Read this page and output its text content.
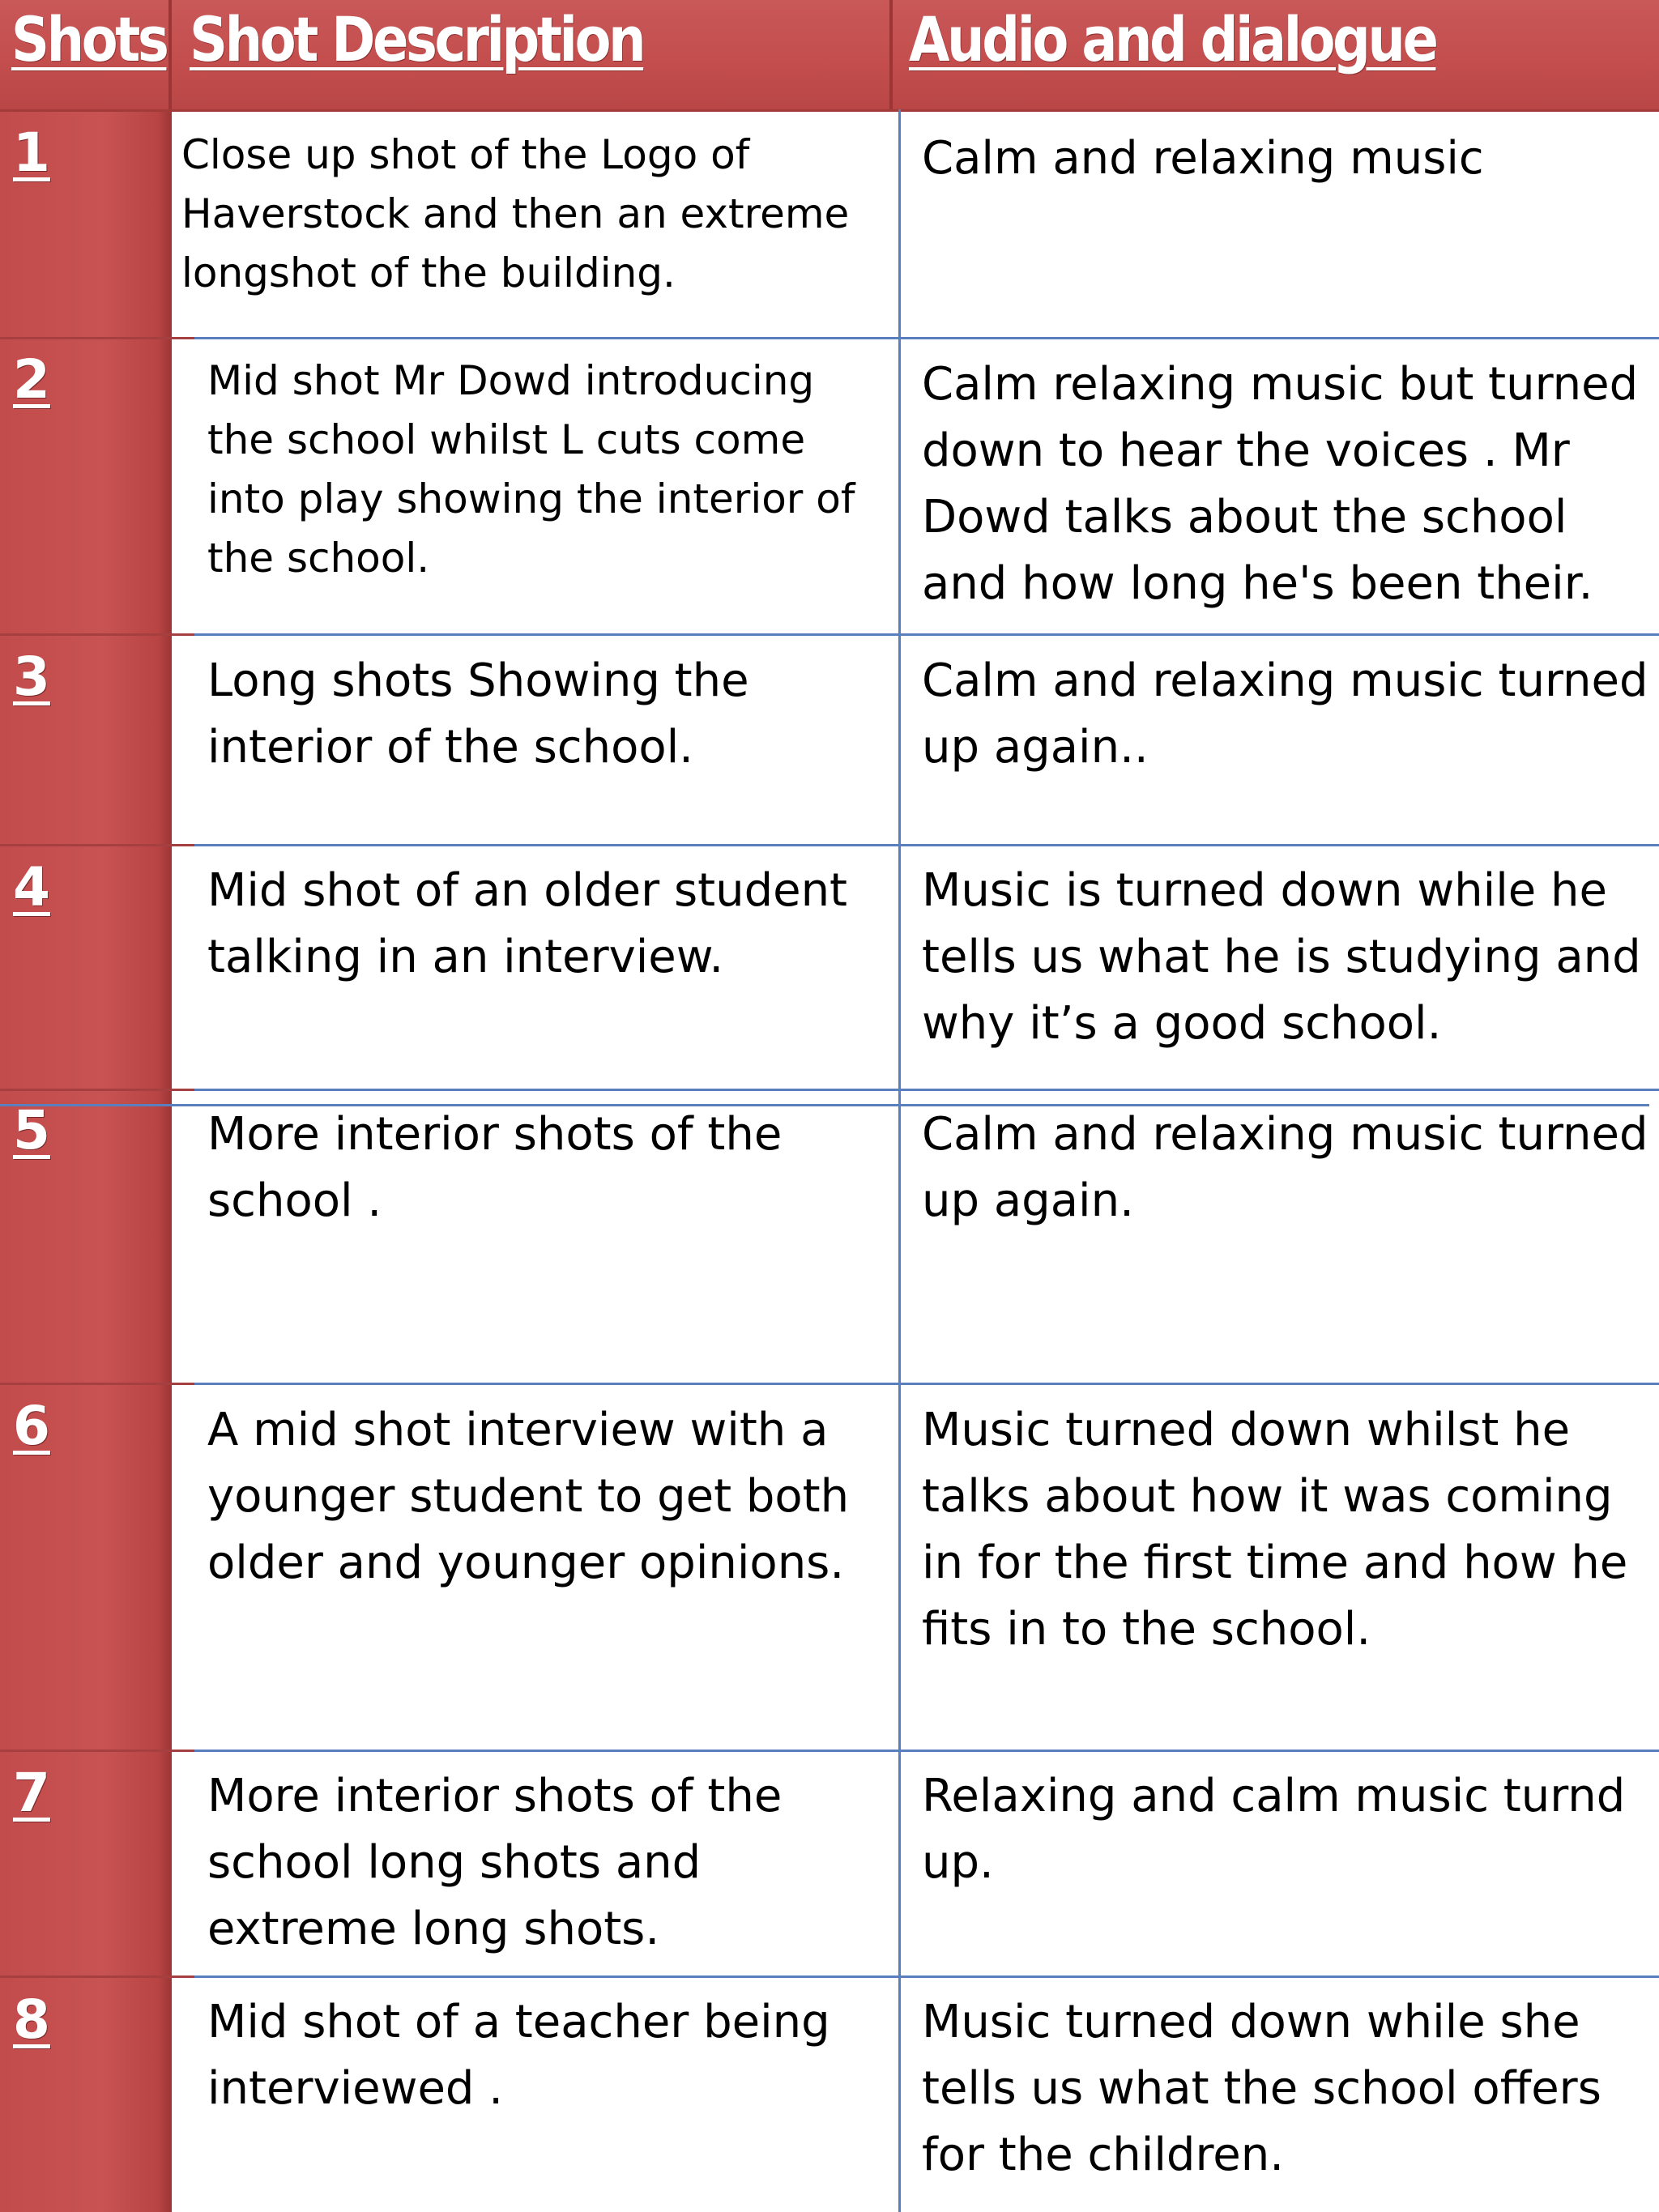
Shots Shot Description	Audio and dialogue
1
2
3
4
5
6
7
8
Close up shot of the Logo of
Haverstock and then an extreme
longshot of the building.
Calm and relaxing music
Mid shot Mr Dowd introducing
the school whilst L cuts come
into play showing the interior of
the school.
Calm relaxing music but turned
down to hear the voices . Mr
Dowd talks about the school
and how long he's been their.
Long shots Showing the
interior of the school.
Calm and relaxing music turned
up again..
Mid shot of an older student
talking in an interview.
Music is turned down while he
tells us what he is studying and
why it’s a good school.
More interior shots of the
school .
Calm and relaxing music turned
up again.
A mid shot interview with a
younger student to get both
older and younger opinions.
Music turned down whilst he
talks about how it was coming
in for the first time and how he
fits in to the school.
More interior shots of the
school long shots and
extreme long shots.
Relaxing and calm music turnd
up.
Mid shot of a teacher being
interviewed .
Music turned down while she
tells us what the school offers
for the children.
